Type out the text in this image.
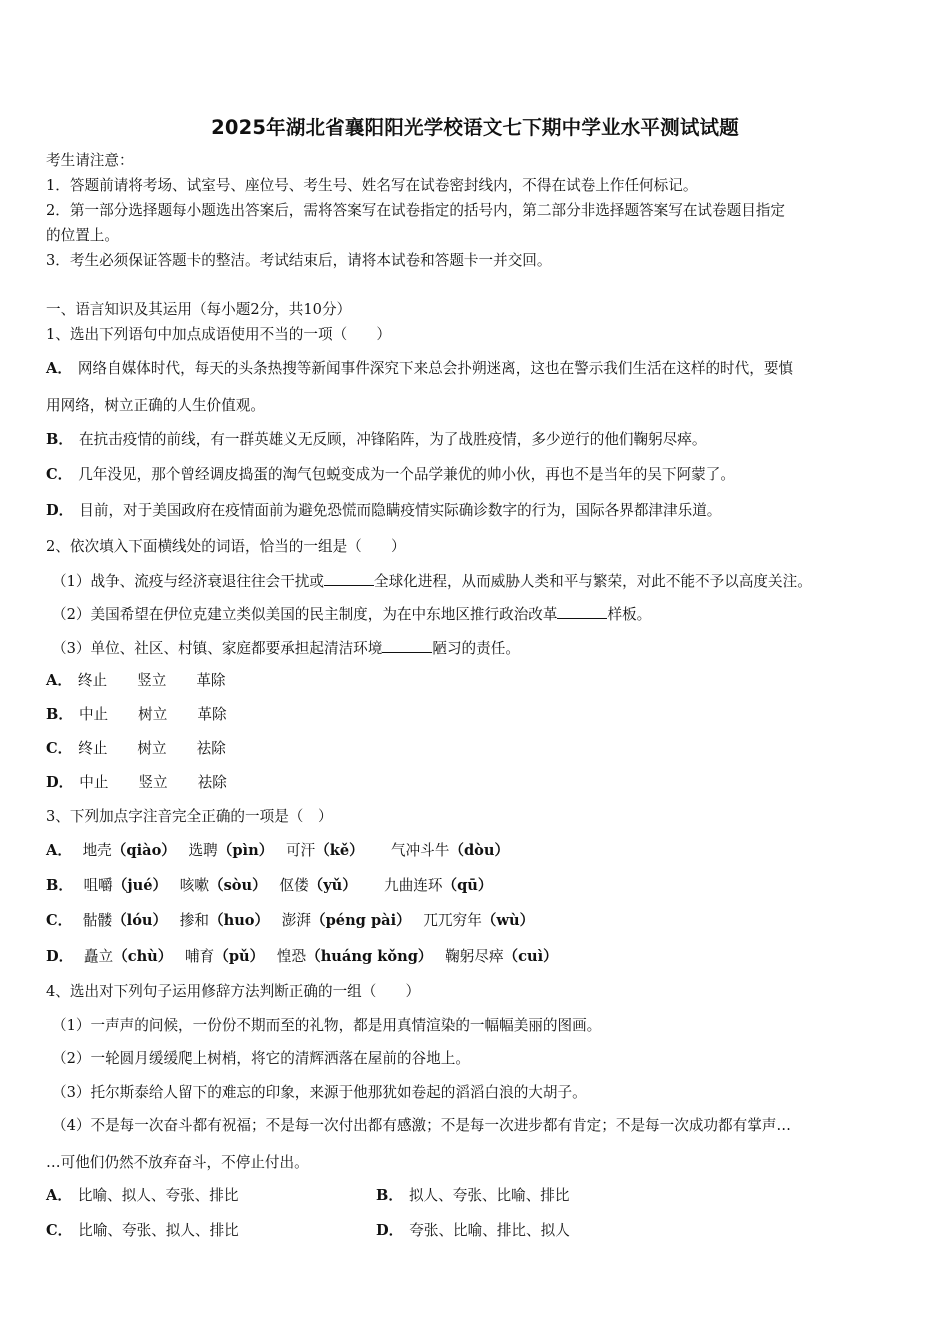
2025年湖北省襄阳阳光学校语文七下期中学业水平测试试题
考生请注意：
1．答题前请将考场、试室号、座位号、考生号、姓名写在试卷密封线内，不得在试卷上作任何标记。
2．第一部分选择题每小题选出答案后，需将答案写在试卷指定的括号内，第二部分非选择题答案写在试卷题目指定
的位置上。
3．考生必须保证答题卡的整洁。考试结束后，请将本试卷和答题卡一并交回。
一、语言知识及其运用（每小题2分，共10分）
1、选出下列语句中加点成语使用不当的一项（　　）
A． 网络自媒体时代，每天的头条热搜等新闻事件深究下来总会扑朔迷离，这也在警示我们生活在这样的时代，要慎
用网络，树立正确的人生价值观。
B． 在抗击疫情的前线，有一群英雄义无反顾，冲锋陷阵，为了战胜疫情，多少逆行的他们鞠躬尽瘁。
C． 几年没见，那个曾经调皮捣蛋的淘气包蜕变成为一个品学兼优的帅小伙，再也不是当年的吴下阿蒙了。
D． 目前，对于美国政府在疫情面前为避免恐慌而隐瞒疫情实际确诊数字的行为，国际各界都津津乐道。
2、依次填入下面横线处的词语，恰当的一组是（　　）
（1）战争、流疫与经济衰退往往会干扰或	全球化进程，从而威胁人类和平与繁荣，对此不能不予以高度关注。
（2）美国希望在伊位克建立类似美国的民主制度，为在中东地区推行政治改革	样板。
（3）单位、社区、村镇、家庭都要承担起清洁环境	陋习的责任。
A． 终止 竖立 革除
B． 中止 树立 革除
C． 终止 树立 祛除
D． 中止 竖立 祛除
3、下列加点字注音完全正确的一项是（　）
A． 地壳（qiào） 选聘（pìn） 可汗（kě） 　气冲斗牛（dòu）
B． 咀嚼（jué） 咳嗽（sòu） 伛偻（yǔ） 　九曲连环（qū）
C． 骷髅（lóu） 掺和（huo） 澎湃（péng pài） 兀兀穷年（wù）
D． 矗立（chù） 哺育（pǔ） 惶恐（huáng kǒng） 鞠躬尽瘁（cuì）
4、选出对下列句子运用修辞方法判断正确的一组（　　）
（1）一声声的问候，一份份不期而至的礼物，都是用真情渲染的一幅幅美丽的图画。
（2）一轮圆月缓缓爬上树梢，将它的清辉洒落在屋前的谷地上。
（3）托尔斯泰给人留下的难忘的印象，来源于他那犹如卷起的滔滔白浪的大胡子。
（4）不是每一次奋斗都有祝福；不是每一次付出都有感激；不是每一次进步都有肯定；不是每一次成功都有掌声…
…可他们仍然不放弃奋斗，不停止付出。
A． 比喻、拟人、夸张、排比	B． 拟人、夸张、比喻、排比
C． 比喻、夸张、拟人、排比	D． 夸张、比喻、排比、拟人
